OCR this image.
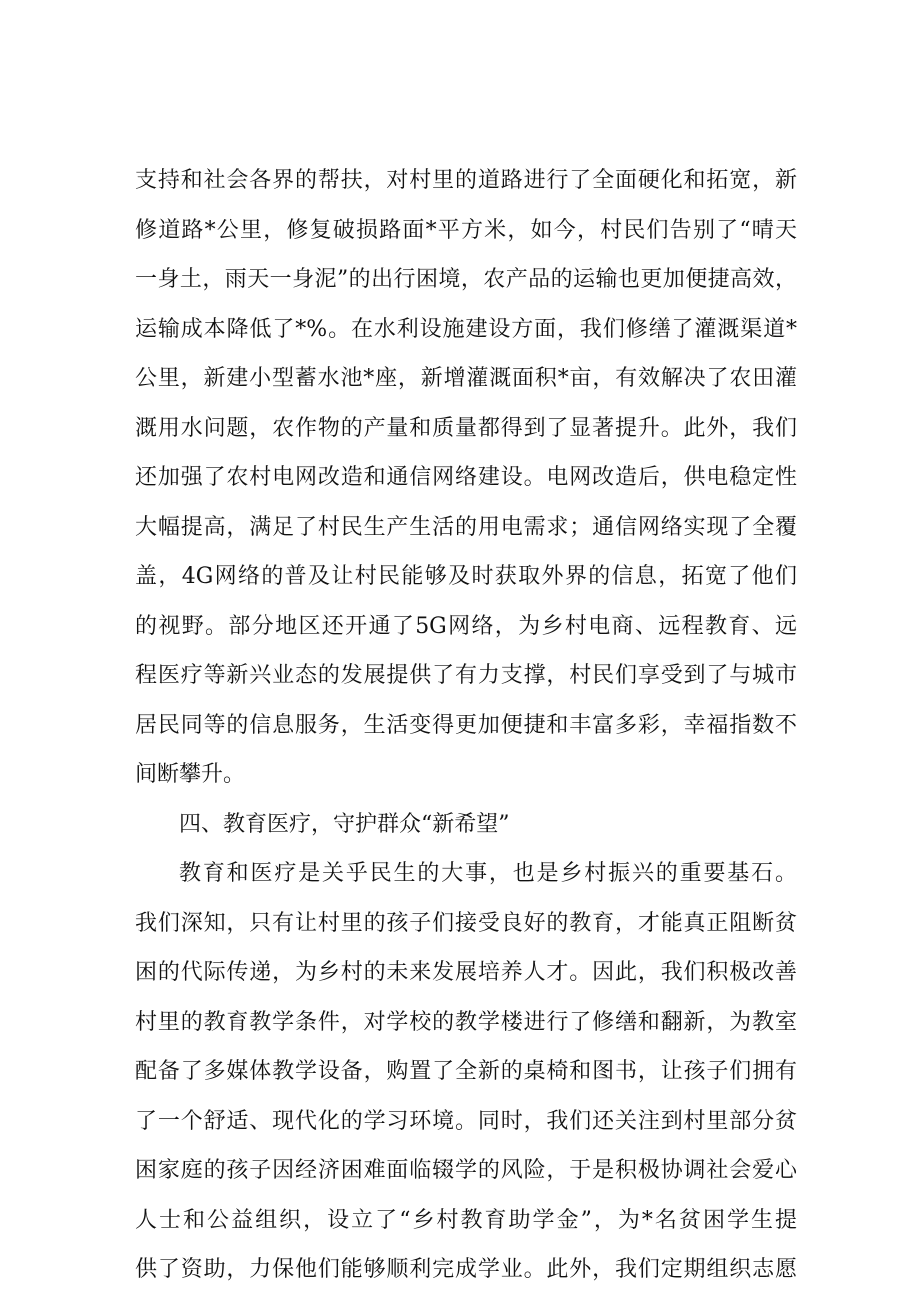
支持和社会各界的帮扶，对村里的道路进行了全面硬化和拓宽，新
修道路*公里，修复破损路面*平方米，如今，村民们告别了“晴天
一身土，雨天一身泥”的出行困境，农产品的运输也更加便捷高效，
运输成本降低了*%。在水利设施建设方面，我们修缮了灌溉渠道*
公里，新建小型蓄水池*座，新增灌溉面积*亩，有效解决了农田灌
溉用水问题，农作物的产量和质量都得到了显著提升。此外，我们
还加强了农村电网改造和通信网络建设。电网改造后，供电稳定性
大幅提高，满足了村民生产生活的用电需求；通信网络实现了全覆
盖，4G网络的普及让村民能够及时获取外界的信息，拓宽了他们
的视野。部分地区还开通了5G网络，为乡村电商、远程教育、远
程医疗等新兴业态的发展提供了有力支撑，村民们享受到了与城市
居民同等的信息服务，生活变得更加便捷和丰富多彩，幸福指数不
间断攀升。
四、教育医疗，守护群众“新希望”
教育和医疗是关乎民生的大事，也是乡村振兴的重要基石。
我们深知，只有让村里的孩子们接受良好的教育，才能真正阻断贫
困的代际传递，为乡村的未来发展培养人才。因此，我们积极改善
村里的教育教学条件，对学校的教学楼进行了修缮和翻新，为教室
配备了多媒体教学设备，购置了全新的桌椅和图书，让孩子们拥有
了一个舒适、现代化的学习环境。同时，我们还关注到村里部分贫
困家庭的孩子因经济困难面临辍学的风险，于是积极协调社会爱心
人士和公益组织，设立了“乡村教育助学金”，为*名贫困学生提
供了资助，力保他们能够顺利完成学业。此外，我们定期组织志愿
